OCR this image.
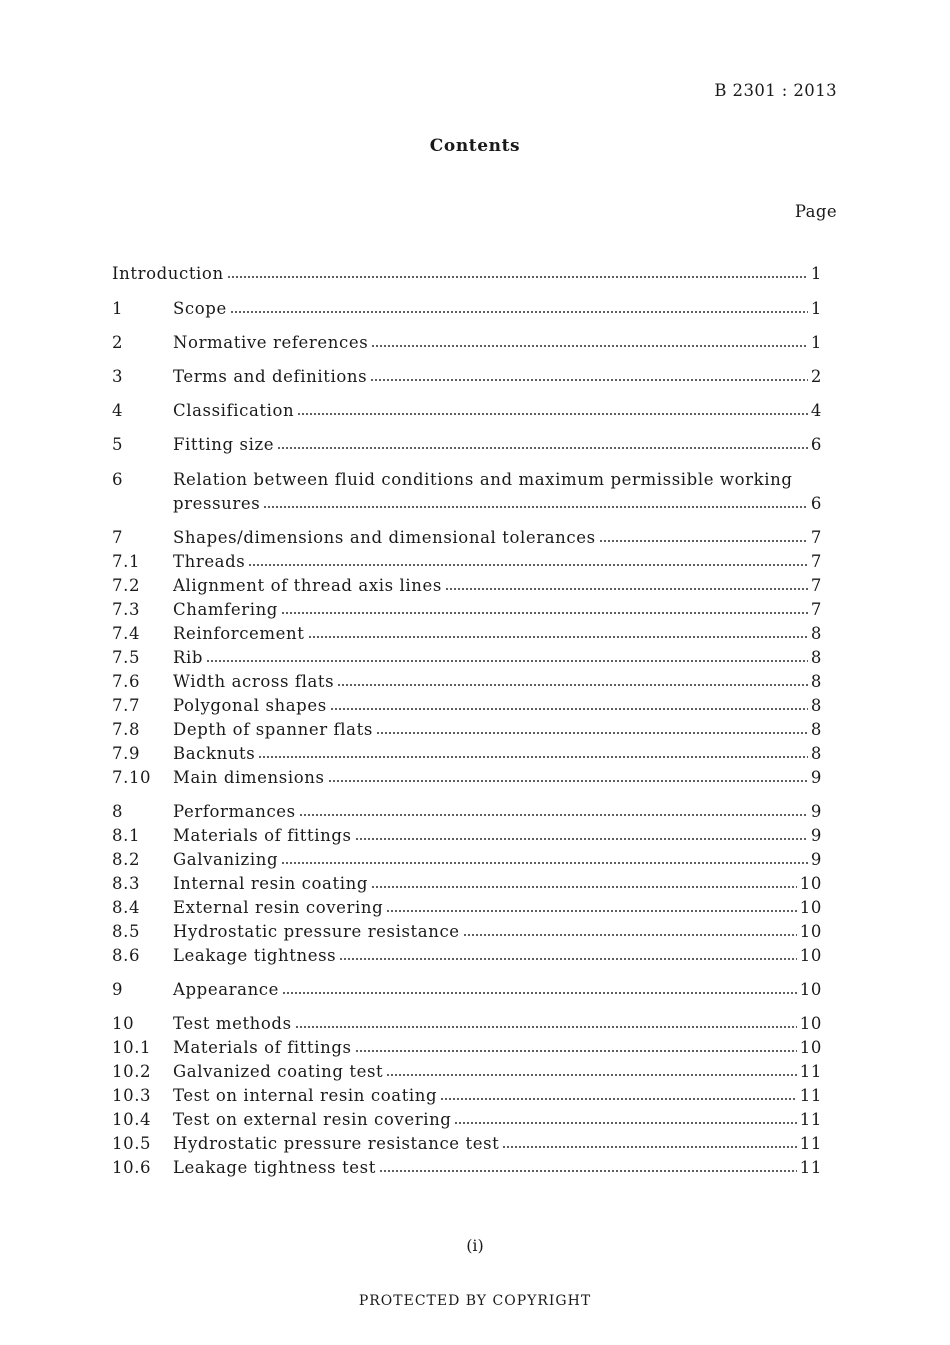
B 2301 : 2013
Contents
Page
Introduction	1
1	Scope	1
2	Normative references	1
3	Terms and definitions	2
4	Classification	4
5	Fitting size	6
6	Relation between fluid conditions and maximum permissible working
pressures	6
7	Shapes/dimensions and dimensional tolerances	7
7.1 Threads	7
7.2 Alignment of thread axis lines	7
7.3 Chamfering	7
7.4 Reinforcement	8
7.5 Rib	8
7.6 Width across flats	8
7.7 Polygonal shapes	8
7.8 Depth of spanner flats	8
7.9 Backnuts	8
7.10 Main dimensions	9
8	Performances	9
8.1 Materials of fittings	9
8.2 Galvanizing	9
8.3 Internal resin coating	10
8.4 External resin covering	10
8.5 Hydrostatic pressure resistance	10
8.6 Leakage tightness	10
9	Appearance	10
10 Test methods	10
10.1 Materials of fittings	10
10.2 Galvanized coating test	11
10.3 Test on internal resin coating	11
10.4 Test on external resin covering	11
10.5 Hydrostatic pressure resistance test	11
10.6 Leakage tightness test	11
(i)
PROTECTED BY COPYRIGHT
